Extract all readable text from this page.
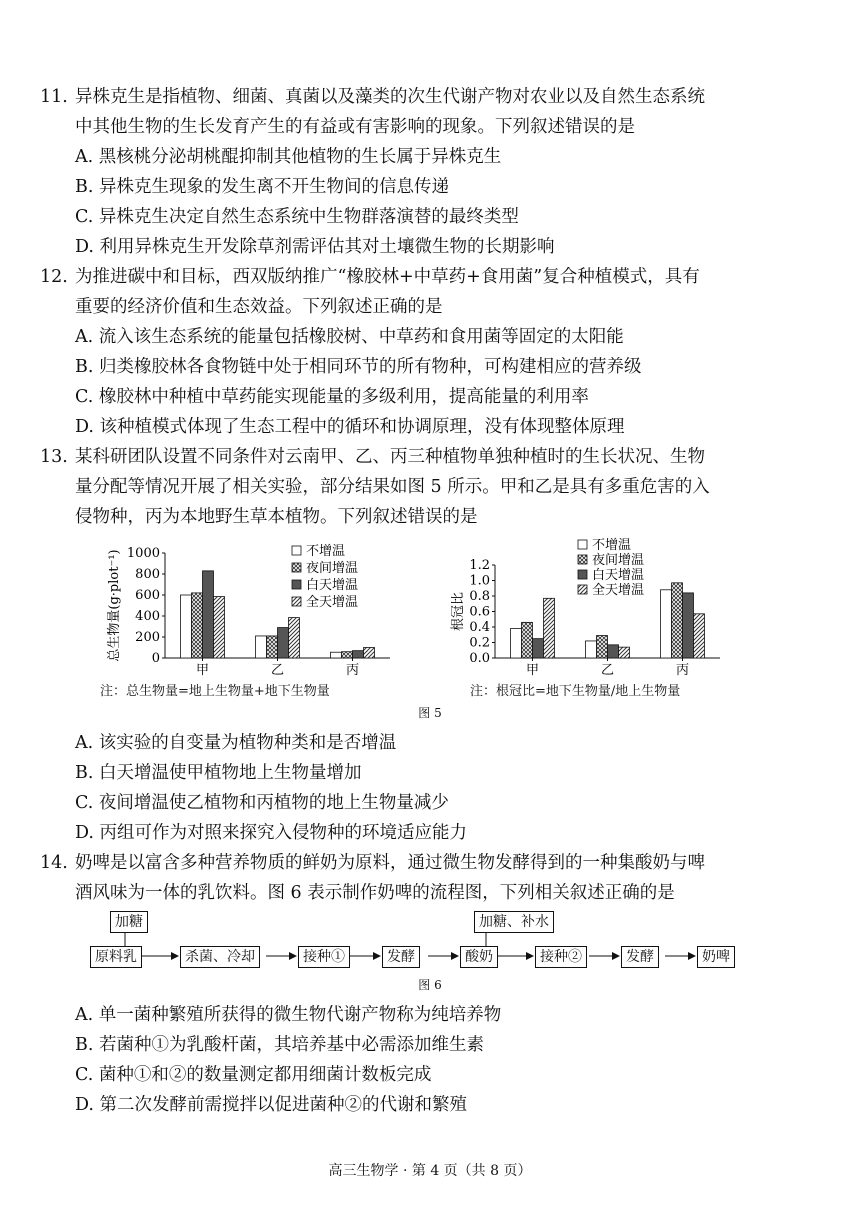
11. 异株克生是指植物、细菌、真菌以及藻类的次生代谢产物对农业以及自然生态系统
中其他生物的生长发育产生的有益或有害影响的现象。下列叙述错误的是
A. 黑核桃分泌胡桃醌抑制其他植物的生长属于异株克生
B. 异株克生现象的发生离不开生物间的信息传递
C. 异株克生决定自然生态系统中生物群落演替的最终类型
D. 利用异株克生开发除草剂需评估其对土壤微生物的长期影响
12. 为推进碳中和目标，西双版纳推广“橡胶林+中草药+食用菌”复合种植模式，具有
重要的经济价值和生态效益。下列叙述正确的是
A. 流入该生态系统的能量包括橡胶树、中草药和食用菌等固定的太阳能
B. 归类橡胶林各食物链中处于相同环节的所有物种，可构建相应的营养级
C. 橡胶林中种植中草药能实现能量的多级利用，提高能量的利用率
D. 该种植模式体现了生态工程中的循环和协调原理，没有体现整体原理
13. 某科研团队设置不同条件对云南甲、乙、丙三种植物单独种植时的生长状况、生物
量分配等情况开展了相关实验，部分结果如图 5 所示。甲和乙是具有多重危害的入
侵物种，丙为本地野生草本植物。下列叙述错误的是
0
200
400
600
800
1000
总生物量(g·plot⁻¹)
甲	乙	丙
不增温
夜间增温
白天增温
全天增温
0.0
0.2
0.4
0.6
0.8
1.0
1.2
根冠比
甲	乙	丙
不增温
夜间增温
白天增温
全天增温
注：总生物量=地上生物量+地下生物量	注：根冠比=地下生物量/地上生物量
图 5
A. 该实验的自变量为植物种类和是否增温
B. 白天增温使甲植物地上生物量增加
C. 夜间增温使乙植物和丙植物的地上生物量减少
D. 丙组可作为对照来探究入侵物种的环境适应能力
14. 奶啤是以富含多种营养物质的鲜奶为原料，通过微生物发酵得到的一种集酸奶与啤
酒风味为一体的乳饮料。图 6 表示制作奶啤的流程图，下列相关叙述正确的是
加糖	加糖、补水
原料乳	杀菌、冷却	接种①	发酵	酸奶	接种②	发酵	奶啤
图 6
A. 单一菌种繁殖所获得的微生物代谢产物称为纯培养物
B. 若菌种①为乳酸杆菌，其培养基中必需添加维生素
C. 菌种①和②的数量测定都用细菌计数板完成
D. 第二次发酵前需搅拌以促进菌种②的代谢和繁殖
高三生物学 · 第 4 页（共 8 页）
